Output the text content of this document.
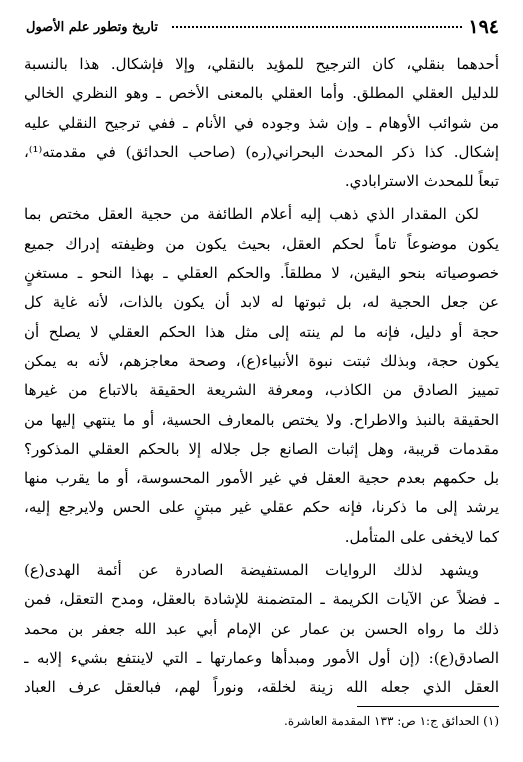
١٩٤
تاريخ وتطور علم الأصول
أحدهما بنقلي، كان الترجيح للمؤيد بالنقلي، وإلا فإشكال. هذا بالنسبة
للدليل العقلي المطلق. وأما العقلي بالمعنى الأخص ـ وهو النظري الخالي
من شوائب الأوهام ـ وإن شذ وجوده في الأنام ـ ففي ترجيح النقلي عليه
إشكال. كذا ذكر المحدث البحراني(ره) (صاحب الحدائق) في مقدمته⁽¹⁾،
تبعاً للمحدث الاسترابادي.
لكن المقدار الذي ذهب إليه أعلام الطائفة من حجية العقل مختص بما
يكون موضوعاً تاماً لحكم العقل، بحيث يكون من وظيفته إدراك جميع
خصوصياته بنحو اليقين، لا مطلقاً. والحكم العقلي ـ بهذا النحو ـ مستغنٍ
عن جعل الحجية له، بل ثبوتها له لابد أن يكون بالذات، لأنه غاية كل
حجة أو دليل، فإنه ما لم ينته إلى مثل هذا الحكم العقلي لا يصلح أن
يكون حجة، وبذلك ثبتت نبوة الأنبياء(ع)، وصحة معاجزهم، لأنه به يمكن
تمييز الصادق من الكاذب، ومعرفة الشريعة الحقيقة بالاتباع من غيرها
الحقيقة بالنبذ والاطراح. ولا يختص بالمعارف الحسية، أو ما ينتهي إليها من
مقدمات قريبة، وهل إثبات الصانع جل جلاله إلا بالحكم العقلي المذكور؟
بل حكمهم بعدم حجية العقل في غير الأمور المحسوسة، أو ما يقرب منها
يرشد إلى ما ذكرنا، فإنه حكم عقلي غير مبتنٍ على الحس ولايرجع إليه،
كما لايخفى على المتأمل.
ويشهد لذلك الروايات المستفيضة الصادرة عن أئمة الهدى(ع)
ـ فضلاً عن الآيات الكريمة ـ المتضمنة للإشادة بالعقل، ومدح التعقل، فمن
ذلك ما رواه الحسن بن عمار عن الإمام أبي عبد الله جعفر بن محمد
الصادق(ع): (إن أول الأمور ومبدأها وعمارتها ـ التي لاينتفع بشيء إلابه ـ
العقل الذي جعله الله زينة لخلقه، ونوراً لهم، فبالعقل عرف العباد
(١) الحدائق ج:١ ص: ١٣٣ المقدمة العاشرة.
